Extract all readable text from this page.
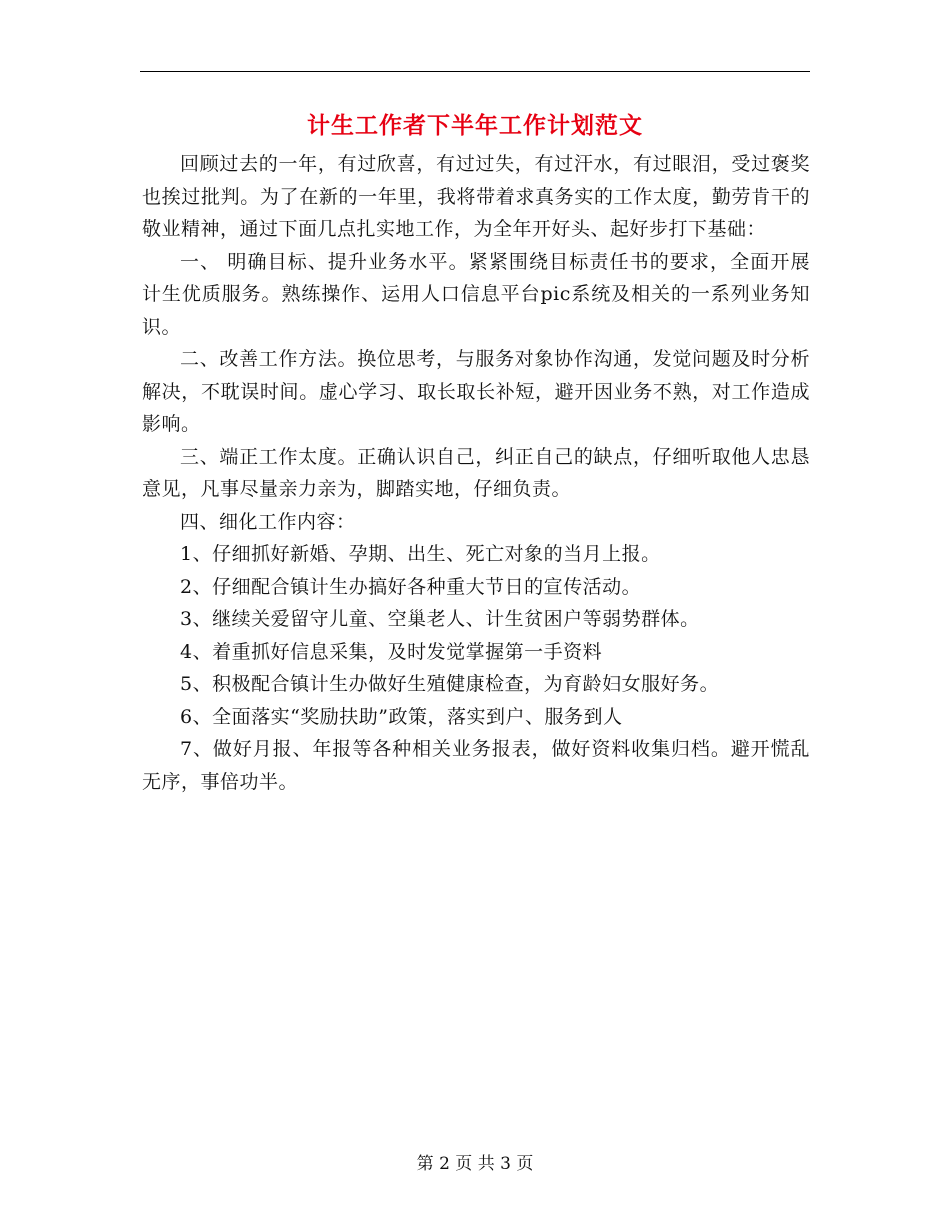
计生工作者下半年工作计划范文

回顾过去的一年，有过欣喜，有过过失，有过汗水，有过眼泪，受过褒奖也挨过批判。为了在新的一年里，我将带着求真务实的工作太度，勤劳肯干的敬业精神，通过下面几点扎实地工作，为全年开好头、起好步打下基础：

一、 明确目标、提升业务水平。紧紧围绕目标责任书的要求，全面开展计生优质服务。熟练操作、运用人口信息平台pic系统及相关的一系列业务知识。

二、改善工作方法。换位思考，与服务对象协作沟通，发觉问题及时分析解决，不耽误时间。虚心学习、取长取长补短，避开因业务不熟，对工作造成影响。

三、端正工作太度。正确认识自己，纠正自己的缺点，仔细听取他人忠恳意见，凡事尽量亲力亲为，脚踏实地，仔细负责。

四、细化工作内容：

1、仔细抓好新婚、孕期、出生、死亡对象的当月上报。

2、仔细配合镇计生办搞好各种重大节日的宣传活动。

3、继续关爱留守儿童、空巢老人、计生贫困户等弱势群体。

4、着重抓好信息采集，及时发觉掌握第一手资料

5、积极配合镇计生办做好生殖健康检查，为育龄妇女服好务。

6、全面落实“奖励扶助”政策，落实到户、服务到人

7、做好月报、年报等各种相关业务报表，做好资料收集归档。避开慌乱无序，事倍功半。

第 2 页 共 3 页
